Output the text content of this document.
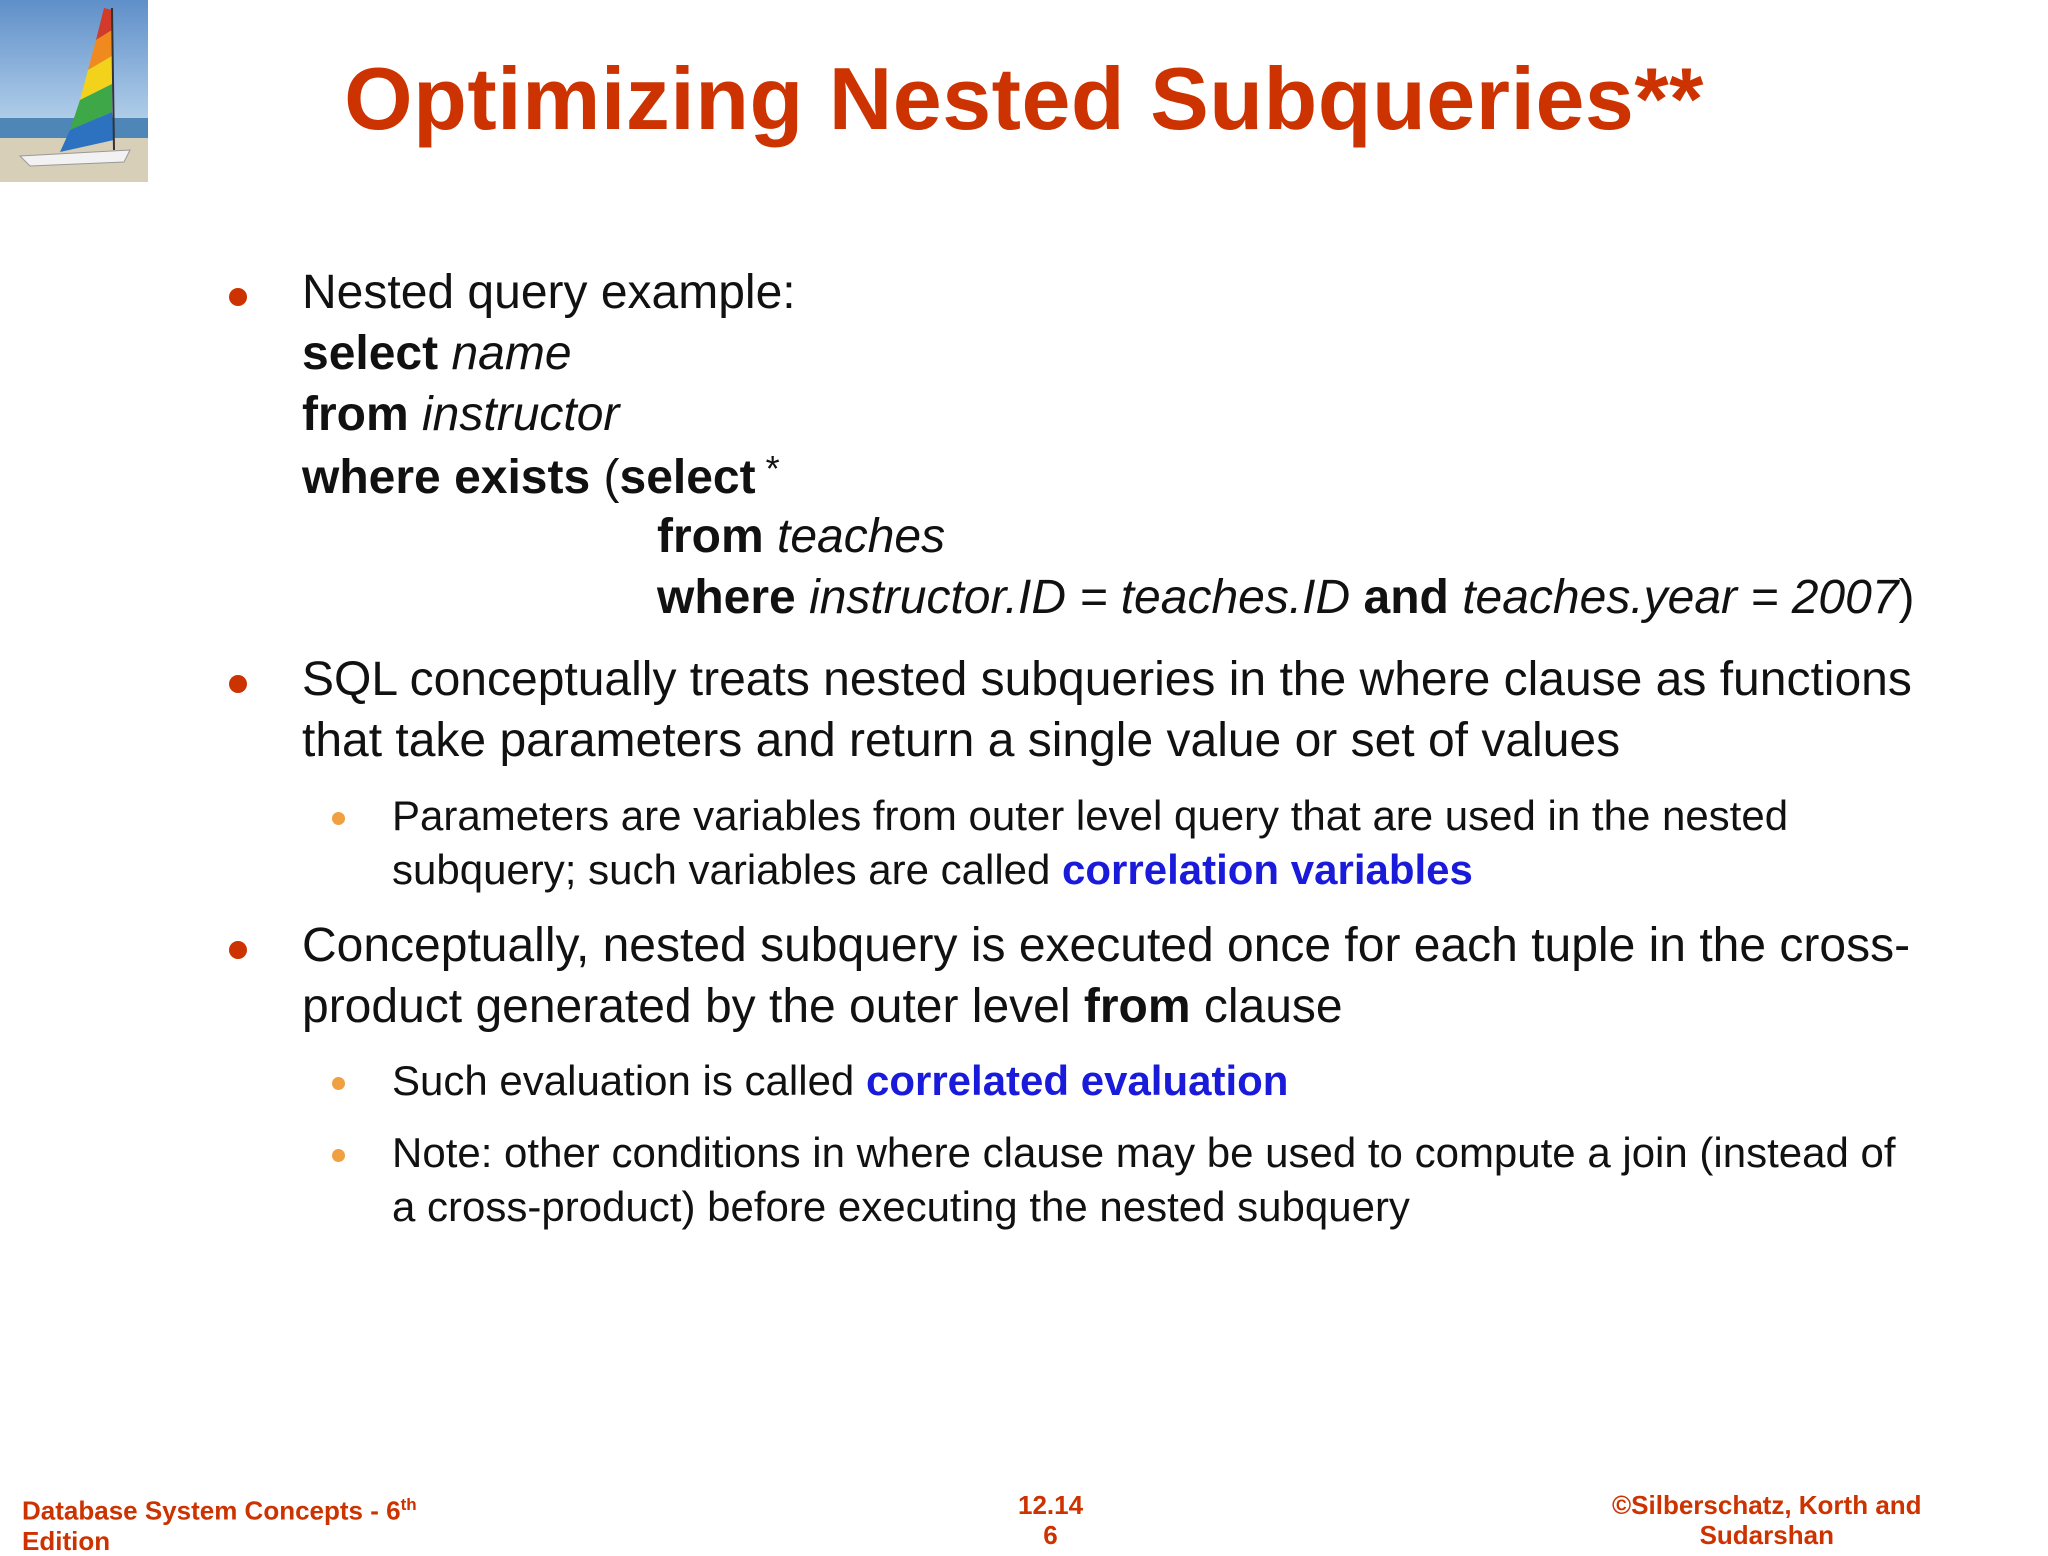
Optimizing Nested Subqueries**
Nested query example:
select name
from instructor
where exists (select *
from teaches
where instructor.ID = teaches.ID and teaches.year = 2007)
SQL conceptually treats nested subqueries in the where clause as functions
that take parameters and return a single value or set of values
Parameters are variables from outer level query that are used in the nested
subquery; such variables are called correlation variables
Conceptually, nested subquery is executed once for each tuple in the cross-
product generated by the outer level from clause
Such evaluation is called correlated evaluation
Note: other conditions in where clause may be used to compute a join (instead of
a cross-product) before executing the nested subquery
Database System Concepts - 6th
Edition
12.14
6
©Silberschatz, Korth and
Sudarshan
